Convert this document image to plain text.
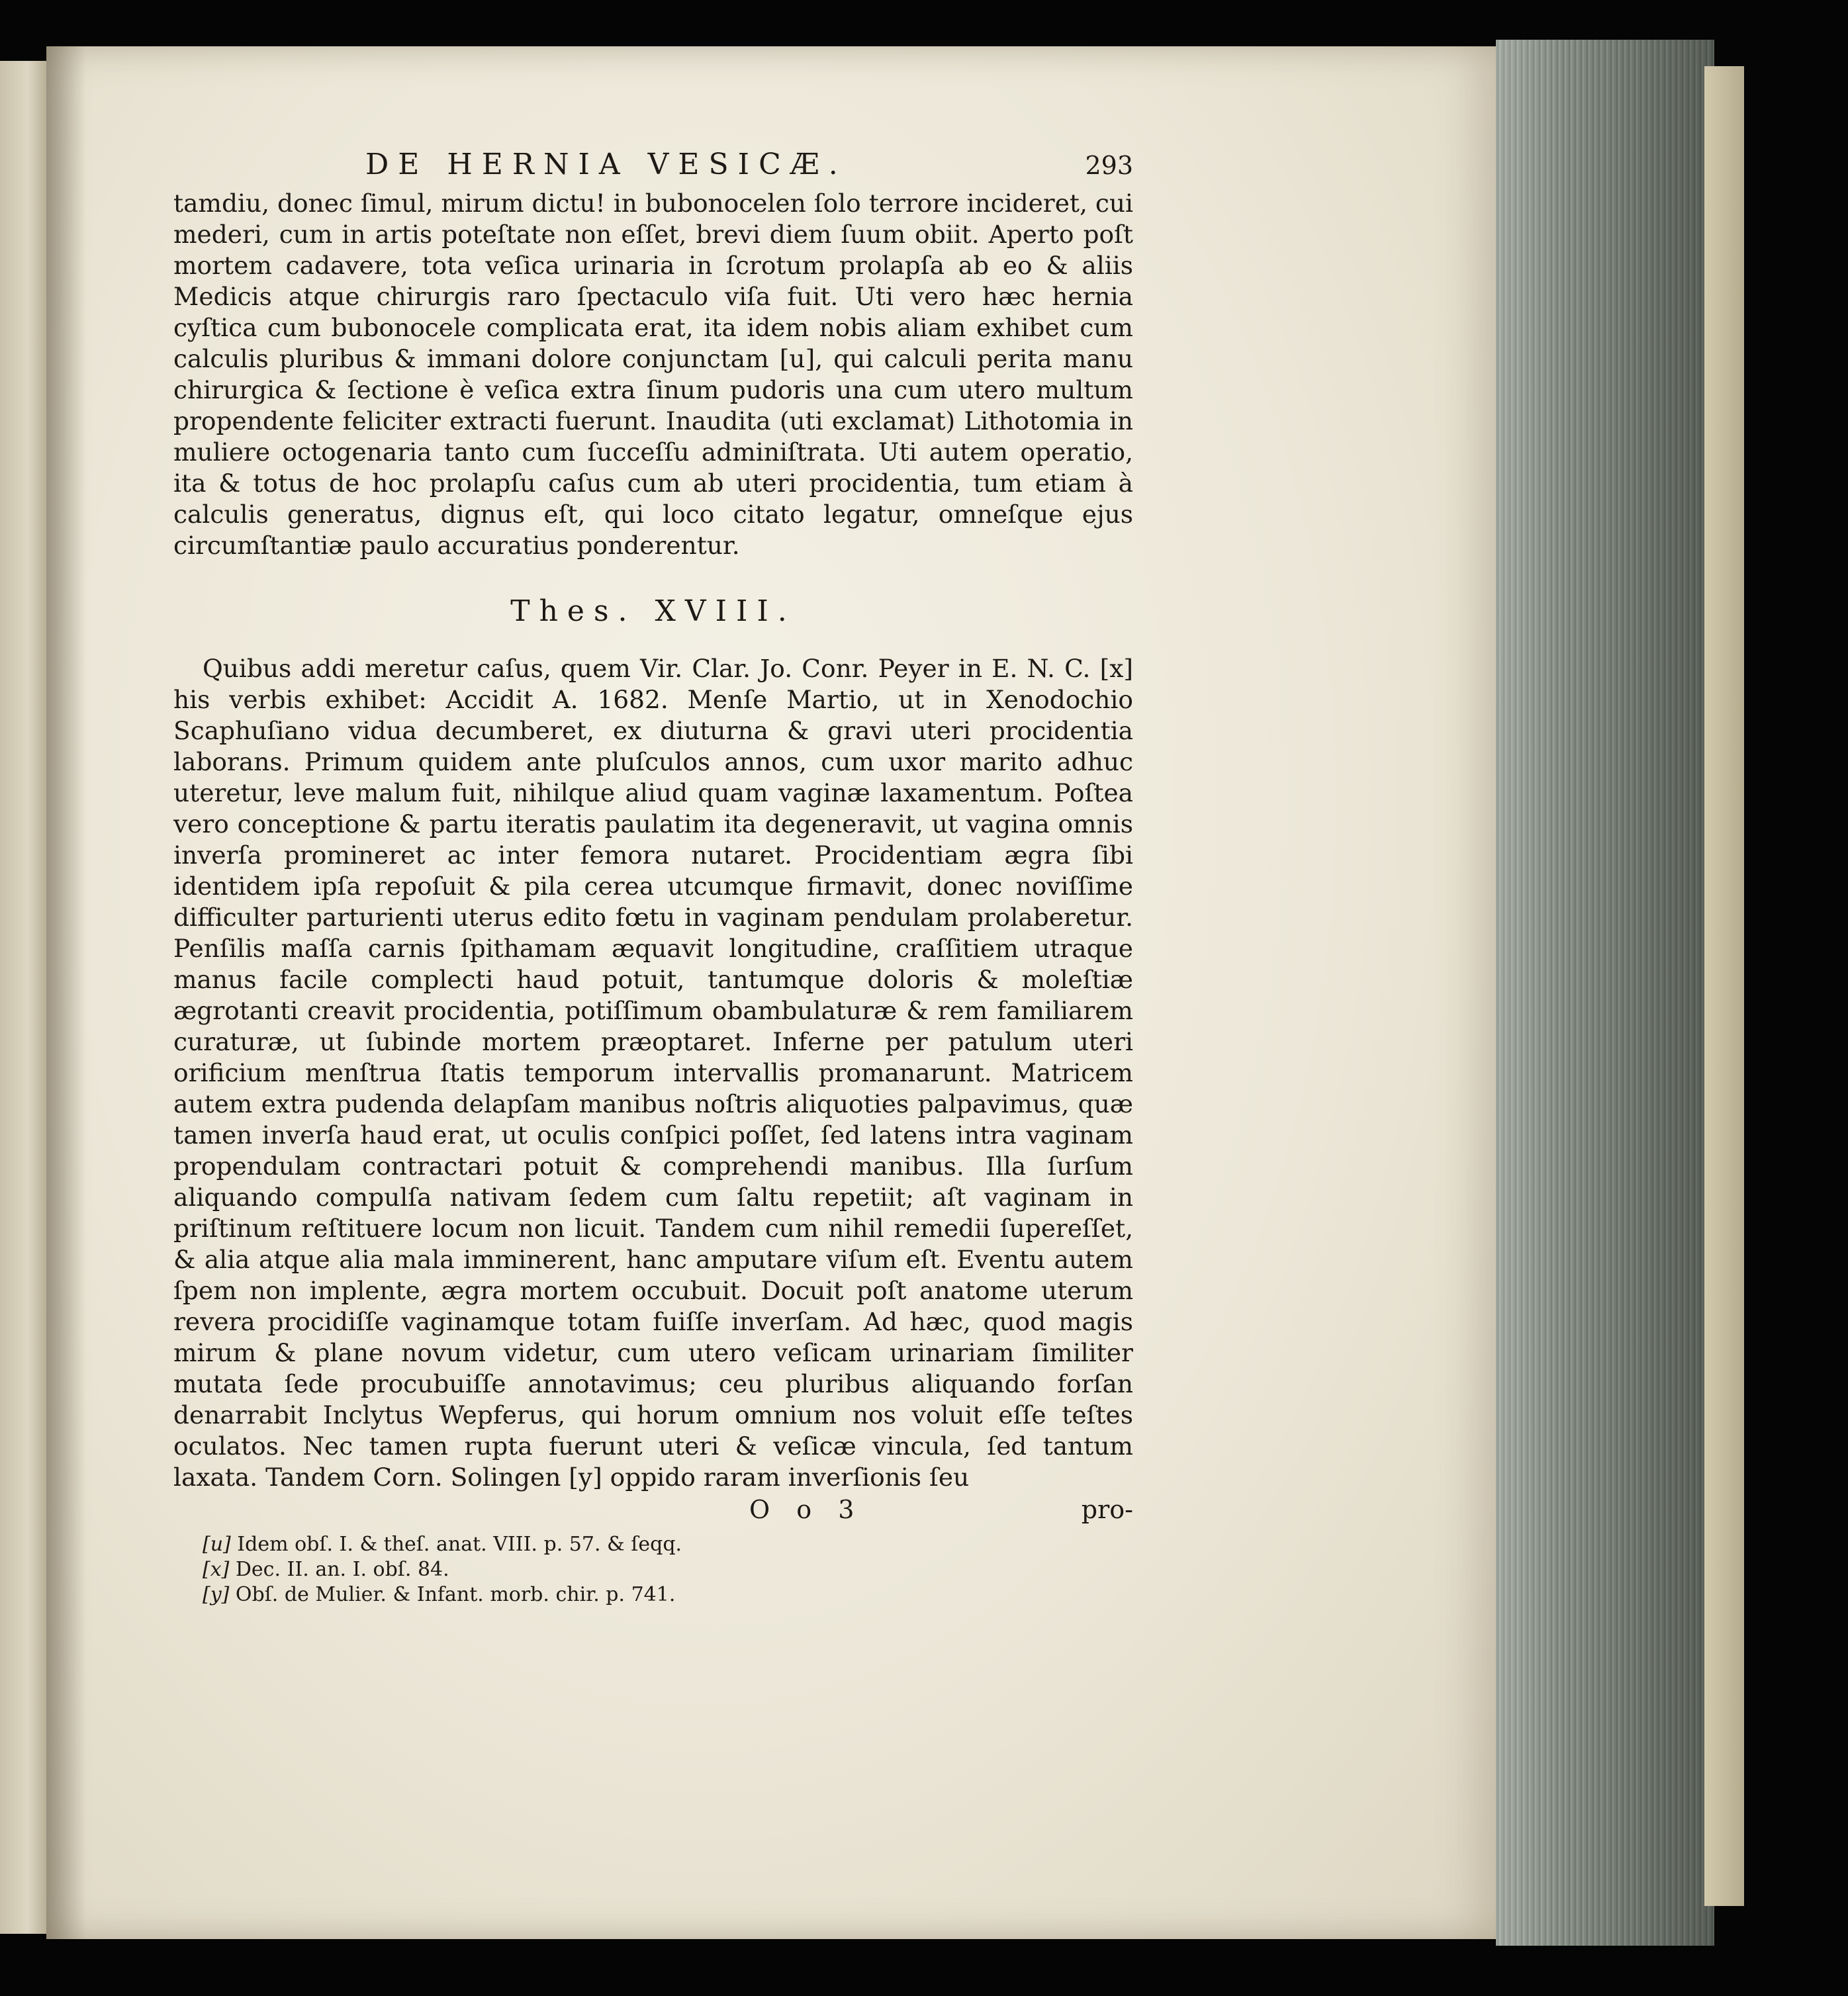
DE HERNIA VESICÆ.	293

tamdiu, donec ſimul, mirum dictu! in bubonocelen ſolo terrore incideret, cui mederi, cum in artis poteſtate non eſſet, brevi diem ſuum obiit. Aperto poſt mortem cadavere, tota veſica urinaria in ſcrotum prolapſa ab eo & aliis Medicis atque chirurgis raro ſpectaculo viſa fuit. Uti vero hæc hernia cyſtica cum bubonocele complicata erat, ita idem nobis aliam exhibet cum calculis pluribus & immani dolore conjunctam [u], qui calculi perita manu chirurgica & ſectione è veſica extra ſinum pudoris una cum utero multum propendente feliciter extracti fuerunt. Inaudita (uti exclamat) Lithotomia in muliere octogenaria tanto cum ſucceſſu adminiſtrata. Uti autem operatio, ita & totus de hoc prolapſu caſus cum ab uteri procidentia, tum etiam à calculis generatus, dignus eſt, qui loco citato legatur, omneſque ejus circumſtantiæ paulo accuratius ponderentur.

Thes. XVIII.

Quibus addi meretur caſus, quem Vir. Clar. Jo. Conr. Peyer in E. N. C. [x] his verbis exhibet: Accidit A. 1682. Menſe Martio, ut in Xenodochio Scaphuſiano vidua decumberet, ex diuturna & gravi uteri procidentia laborans. Primum quidem ante pluſculos annos, cum uxor marito adhuc uteretur, leve malum fuit, nihilque aliud quam vaginæ laxamentum. Poſtea vero conceptione & partu iteratis paulatim ita degeneravit, ut vagina omnis inverſa promineret ac inter femora nutaret. Procidentiam ægra ſibi identidem ipſa repoſuit & pila cerea utcumque firmavit, donec noviſſime difficulter parturienti uterus edito fœtu in vaginam pendulam prolaberetur. Penſilis maſſa carnis ſpithamam æquavit longitudine, craſſitiem utraque manus facile complecti haud potuit, tantumque doloris & moleſtiæ ægrotanti creavit procidentia, potiſſimum obambulaturæ & rem familiarem curaturæ, ut ſubinde mortem præoptaret. Inferne per patulum uteri orificium menſtrua ſtatis temporum intervallis promanarunt. Matricem autem extra pudenda delapſam manibus noſtris aliquoties palpavimus, quæ tamen inverſa haud erat, ut oculis conſpici poſſet, ſed latens intra vaginam propendulam contractari potuit & comprehendi manibus. Illa ſurſum aliquando compulſa nativam ſedem cum ſaltu repetiit; aſt vaginam in priſtinum reſtituere locum non licuit. Tandem cum nihil remedii ſupereſſet, & alia atque alia mala imminerent, hanc amputare viſum eſt. Eventu autem ſpem non implente, ægra mortem occubuit. Docuit poſt anatome uterum revera procidiſſe vaginamque totam fuiſſe inverſam. Ad hæc, quod magis mirum & plane novum videtur, cum utero veſicam urinariam ſimiliter mutata ſede procubuiſſe annotavimus; ceu pluribus aliquando forſan denarrabit Inclytus Wepferus, qui horum omnium nos voluit eſſe teſtes oculatos. Nec tamen rupta fuerunt uteri & veſicæ vincula, ſed tantum laxata. Tandem Corn. Solingen [y] oppido raram inverſionis ſeu

O o 3	pro-
[u] Idem obſ. I. & theſ. anat. VIII. p. 57. & ſeqq.
[x] Dec. II. an. I. obſ. 84.
[y] Obſ. de Mulier. & Infant. morb. chir. p. 741.
